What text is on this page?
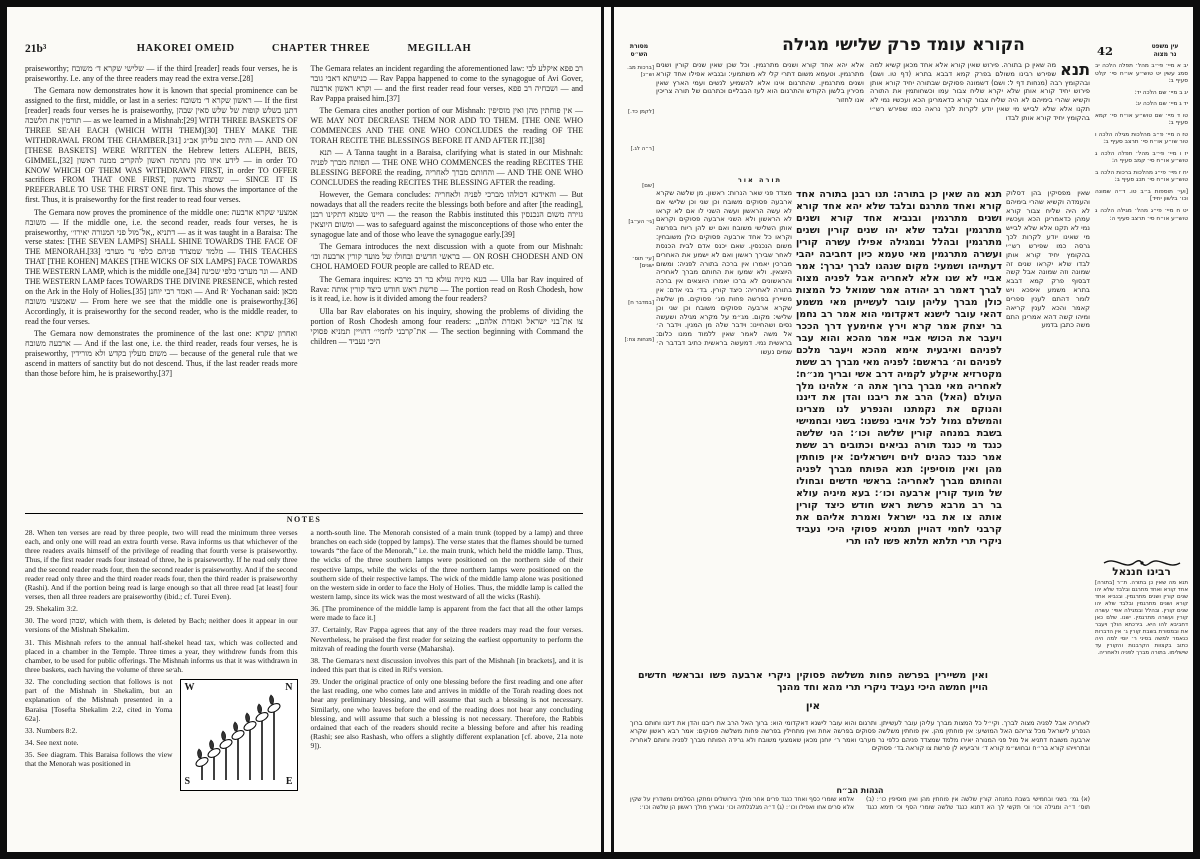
21b³	HAKOREI OMEID	CHAPTER THREE	MEGILLAH

praiseworthy; שלישי שקרא ד׳ משובח — if the third [reader] reads four verses, he is praiseworthy. I.e. any of the three readers may read the extra verse.[28]

The Gemara now demonstrates how it is known that special prominence can be assigned to the first, middle, or last in a series: ראשון שקרא ד׳ משובח — If the first [reader] reads four verses he is praiseworthy, דתנן בשלש קופות של שלש סאין שבהן תורמין את הלשכה — as we learned in a Mishnah:[29] WITH THREE BASKETS OF THREE SE׳AH EACH (WHICH WITH THEM)[30] THEY MAKE THE WITHDRAWAL FROM THE CHAMBER.[31] והיה כתוב עליהן אב״ג — AND ON [THESE BASKETS] WERE WRITTEN the Hebrew letters ALEPH, BEIS, GIMMEL,[32] לידע איזו מהן נתרמה ראשון להקריב ממנה ראשון — in order TO KNOW WHICH OF THEM WAS WITHDRAWN FIRST, in order TO OFFER sacrifices FROM THAT ONE FIRST, שמצוה בראשון — SINCE IT IS PREFERABLE TO USE THE FIRST ONE first. This shows the importance of the first. Thus, it is praiseworthy for the first reader to read four verses.

The Gemara now proves the prominence of the middle one: אמצעי שקרא ארבעה משובח — If the middle one, i.e. the second reader, reads four verses, he is praiseworthy, דתניא ,,אל־מול פני המנורה יאירו׳׳ — as it was taught in a Baraisa: The verse states: [THE SEVEN LAMPS] SHALL SHINE TOWARDS THE FACE OF THE MENORAH.[33] מלמד שמצדד פניהם כלפי נר מערבי — THIS TEACHES THAT [THE KOHEN] MAKES [THE WICKS OF SIX LAMPS] FACE TOWARDS THE WESTERN LAMP, which is the middle one,[34] ונר מערבי כלפי שכינה — AND THE WESTERN LAMP faces TOWARDS THE DIVINE PRESENCE, which rested on the Ark in the Holy of Holies.[35] ואמר רבי יוחנן — And R׳ Yochanan said: מכאן שאמצעי משובח — From here we see that the middle one is praiseworthy.[36] Accordingly, it is praiseworthy for the second reader, who is the middle reader, to read the four verses.

The Gemara now demonstrates the prominence of the last one: ואחרון שקרא ארבעה משובח — And if the last one, i.e. the third reader, reads four verses, he is praiseworthy, משום מעלין בקדש ולא מורידין — because of the general rule that we ascend in matters of sanctity but do not descend. Thus, if the last reader reads more than those before him, he is praiseworthy.[37]

The Gemara relates an incident regarding the aforementioned law: רב פפא איקלע לבי כנישתא דאבי גובר — Rav Pappa happened to come to the synagogue of Avi Gover, וקרא ראשון ארבעה — and the first reader read four verses, ושבחיה רב פפא — and Rav Pappa praised him.[37]

The Gemara cites another portion of our Mishnah: אין פוחתין מהן ואין מוסיפין — WE MAY NOT DECREASE THEM NOR ADD TO THEM. [THE ONE WHO COMMENCES AND THE ONE WHO CONCLUDES the reading OF THE TORAH RECITE THE BLESSINGS BEFORE IT AND AFTER IT.][38]

תנא — A Tanna taught in a Baraisa, clarifying what is stated in our Mishnah: הפותח מברך לפניה — THE ONE WHO COMMENCES the reading RECITES THE BLESSING BEFORE the reading, והחותם מברך לאחריה — AND THE ONE WHO CONCLUDES the reading RECITES THE BLESSING AFTER the reading.

However, the Gemara concludes: והאידנא דכולהו מברכי לפניה ולאחריה — But nowadays that all the readers recite the blessings both before and after [the reading], היינו טעמא דתקינו רבנן — the reason the Rabbis instituted this גזירה משום הנכנסין ומשום היוצאין — was to safeguard against the misconceptions of those who enter the synagogue late and of those who leave the synagogue early.[39]

The Gemara introduces the next discussion with a quote from our Mishnah: בראשי חדשים ובחולו של מועד קורין ארבעה וכו׳ — ON ROSH CHODESH AND ON CHOL HAMOED FOUR people are called to READ etc.

The Gemara inquires: בעא מיניה עולא בר רב מרבא — Ulla bar Rav inquired of Rava: פרשת ראש חודש כיצד קורין אותה — The portion read on Rosh Chodesh, how is it read, i.e. how is it divided among the four readers?

Ulla bar Rav elaborates on his inquiry, showing the problems of dividing the portion of Rosh Chodesh among four readers: ,,צו את־בני ישראל ואמרת אלהם את־קרבני לחמי׳׳ דהויין תמניא פסוקי — The section beginning with Command the children — היכי נעביד

NOTES

28. When ten verses are read by three people, two will read the minimum three verses each, and only one will read an extra fourth verse. Rava informs us that whichever of the three readers avails himself of the privilege of reading that fourth verse is praiseworthy. Thus, if the first reader reads four instead of three, he is praiseworthy. If he read only three and the second reader reads four, then the second reader is praiseworthy. And if the second reader read only three and the third reader reads four, then the third reader is praiseworthy (Rashi). And if the portion being read is large enough so that all three read [at least] four verses, then all three readers are praiseworthy (ibid.; cf. Turei Even).

29. Shekalim 3:2.

30. The word שבהן, which with them, is deleted by Bach; neither does it appear in our versions of the Mishnah Shekalim.

31. This Mishnah refers to the annual half-shekel head tax, which was collected and placed in a chamber in the Temple. Three times a year, they withdrew funds from this chamber, to be used for public offerings. The Mishnah informs us that it was withdrawn in three baskets, each having the volume of three se׳ah.

W	N
S	E

32. The concluding section that follows is not part of the Mishnah in Shekalim, but an explanation of the Mishnah presented in a Baraisa [Tosefta Shekalim 2:2, cited in Yoma 62a].

33. Numbers 8:2.

34. See next note.

35. See diagram. This Baraisa follows the view that the Menorah was positioned in

a north-south line. The Menorah consisted of a main trunk (topped by a lamp) and three branches on each side (topped by lamps). The verse states that the flames should be turned towards “the face of the Menorah,” i.e. the main trunk, which held the middle lamp. Thus, the wicks of the three southern lamps were positioned on the northern side of their respective lamps, while the wicks of the three northern lamps were positioned on the southern side of their respective lamps. The wick of the middle lamp alone was positioned on the western side in order to face the Holy of Holies. Thus, the middle lamp is called the western lamp, since its wick was the most westward of all the wicks (Rashi).

36. [The prominence of the middle lamp is apparent from the fact that all the other lamps were made to face it.]

37. Certainly, Rav Pappa agrees that any of the three readers may read the four verses. Nevertheless, he praised the first reader for seizing the earliest opportunity to perform the mitzvah of reading the fourth verse (Maharsha).

38. The Gemara׳s next discussion involves this part of the Mishnah [in brackets], and it is indeed this part that is cited in Rif׳s version.

39. Under the original practice of only one blessing before the first reading and one after the last reading, one who comes late and arrives in middle of the Torah reading does not hear any preliminary blessing, and will assume that such a blessing is not necessary. Similarly, one who leaves before the end of the reading does not hear any concluding blessing, and will assume that such a blessing is not necessary. Therefore, the Rabbis ordained that each of the readers should recite a blessing before and after his reading (Rashi; see also Rashash, who offers a slightly different explanation [cf. above, 21a note 9]).

מסורת
הש״ס	הקורא עומד פרק שלישי מגילה	42	עין משפט
נר מצוה
אלא יהא אחד קורא ושנים מתרגמין. וכל שכן שאין שנים קורין ושנים מתרגמין. וטעמא משום דתרי קלי לא משתמעי: ובנביא אפילו אחד קורא ושנים מתרגמין. שהתרגום אינו אלא להשמיע לנשים ועמי הארץ שאין מכירין בלשון הקודש והתרגום הוא לעז הבבליים וכתרגום של תורה צריכין אנו לחזור
תורה אור
תנא
מה שאין כן בתורה. פירוש שאין קורא אלא אחד מכאן קשיא למה שפירש רבינו משולם בפרק קמא דבבא בתרא (דף טו. ושם) ובהקומץ רבה (מנחות דף ל: ושם) דשמונה פסוקים שבתורה יחיד קורא אותן פירוש יחיד קורא אותן שלא יקרא שליח צבור עמו וכשחותמין את התורה וקשיא שהרי בימיהם לא היה שליח צבור קורא כדאמרינן הכא ועכשיו נמי לא תקנו אלא שלא לבייש מי שאין יודע לקרות לכך נראה כמו שפירש רש״י בהקומץ יחיד קורא אותן לבדו
[ברכות מב. וש״נ]
[לקמן כד.]
[ר״ה לג.]
[שם]
[גי׳ הע״ב]
[עי׳ תוס׳ ישנים]
[במדבר ח]
[מנחות צח:]
מצדד פני שאר הנרות: ראשון. מן שלשה שקרא ארבעה פסוקים משובח וכן שני וכן שלישי אם לא עשה הראשון ועשה השני לו אם לא קראו לא הראשון ולא השני ארבעה פסוקים וקראם אותן השלישי משובח ואם יש להן ריוח בפרשה וקראו כל אחד ארבעה פסוקים כולן משובחין: משום הנכנסין. שאם יכנס אדם לבית הכנסת לאחר שבירך ראשון ואם לא ישמע את האחרים מברכין יאמרו אין ברכה בתורה לפניה: ומשום היוצאין. ולא שמעו את החותם מברך לאחריה והראשונים לא ברכו יאמרו היוצאים אין ברכה בתורה לאחריה: כיצד קורין. בד׳ בני אדם: אין משיירין בפרשה פחות מג׳ פסוקים. מן שלשה שקרא ארבעה פסוקים משובח וכן שני וכן שלישי: מקום. מג״מ על מקרא מגילה ושעשה נסים ושהחיינו: וידבר שלה מן המנין. וידבר ה׳ אל משה לאמר שאין ללמוד ממנו כלום: בראשית נמי. דמעשה בראשית כתיב דבדבר ה׳ שמים נעשו
תנא מה שאין כן בתורה: תנו רבנן בתורה אחד קורא ואחד מתרגם ובלבד שלא יהא אחד קורא ושנים מתרגמין ובנביא אחד קורא ושנים מתרגמין ובלבד שלא יהו שנים קורין ושנים מתרגמין ובהלל ובמגילה אפילו עשרה קורין ועשרה מתרגמין מאי טעמא כיון דחביבה יהבי דעתייהו ושמעי: מקום שנהגו לברך יברך: אמר אביי לא שנו אלא לאחריה אבל לפניה מצוה לברך דאמר רב יהודה אמר שמואל כל המצות כולן מברך עליהן עובר לעשייתן מאי משמע דהאי עובר לישנא דאקדומי הוא אמר רב נחמן בר יצחק אמר קרא וירץ אחימעץ דרך הככר ויעבר את הכושי אביי אמר מהכא והוא עבר לפניהם ואיבעית אימא מהכא ויעבר מלכם לפניהם וה׳ בראשם: לפניה מאי מברך רב ששת מקטרזיא איקלע לקמיה דרב אשי ובריך מנ״ח: לאחריה מאי מברך ברוך אתה ה׳ אלהינו מלך העולם (האל) הרב את ריבנו והדן את דיננו והנוקם את נקמתנו והנפרע לנו מצרינו והמשלם גמול לכל אויבי נפשנו: בשני ובחמישי בשבת במנחה קורין שלשה וכו׳: הני שלשה כנגד מי כנגד תורה נביאים וכתובים רב ששת אמר כנגד כהנים לוים וישראלים: אין פוחתין מהן ואין מוסיפין: תנא הפותח מברך לפניה והחותם מברך לאחריה: בראשי חדשים ובחולו של מועד קורין ארבעה וכו׳: בעא מיניה עולא בר רב מרבא פרשת ראש חודש כיצד קורין אותה צו את בני ישראל ואמרת אליהם את קרבני לחמי דהויין תמניא פסוקי היכי נעביד ניקרי תרי תלתא תלתא פשו להו תרי
שאין מפסיקין בהן דסלוק והעמדה וקשיא שהרי בימיהם לא היה שליח צבור קורא עמהן כדאמרינן הכא ועכשיו נמי לא תקנו אלא שלא לבייש מי שאינו יודע לקרות לכך גרסה כמו שפירש רש״י בהקומץ יחיד קורא אותן לבדו שלא יקראו שנים זה שמונה וזה שמונה אבל קשה דבסוף פרק קמא דבבא בתרא משמע איפכא ויש לומר דהתם לענין ספרים קאמר והכא לענין קריאה ומיהו קשה דהא אמרינן התם משה כתבן בדמע
יב א מיי׳ פי״ב מהל׳ תפלה הלכה יב סמג עשין יט טוש״ע או״ח סי׳ קלט סעיף ב:
יג ב מיי׳ שם הלכה יד:
יד ג מיי׳ שם הלכה יג:
טו ד מיי׳ שם טוש״ע או״ח סי׳ קמא סעיף ב:
טז ה מיי׳ פ״ב מהלכות מגילה הלכה ו טור שו״ע או״ח סי׳ תרצב סעיף ב:
יז ו מיי׳ פי״ב מהל׳ תפלה הלכה ג טוש״ע או״ח סי׳ קמב סעיף ה:
יח ז מיי׳ פי״ג מהלכות ברכות הלכה ב טוש״ע או״ח סי׳ תכג סעיף ב:
[ועי׳ תוספות ב״ב טו. ד״ה שמונה וכו׳ בלשון יחיד]
יט ח מיי׳ פי״ג מהל׳ מגילה הלכה ג טוש״ע או״ח סי׳ תרצב סעיף ה:
רבינו חננאל
תנא מה שאין כן בתורה. ת״ר [בתורה] אחד קורא ואחד מתרגם ובלבד שלא יהו שנים קורין ושנים מתרגמין. ובנביא אחד קורא ושנים מתרגמין ובלבד שלא יהו שנים קורין. ובהלל ובמגילה אפי׳ עשרה קורין ועשרה מתרגמין. ישנו. שלם כאן דחביבא להו היא. בירכתא הולך ויעבר את ובמסורת בשבת קורין ג׳ אין הדברות כנאמר למשה בסיני ר׳ יוסי למה היה כתוב בקצוות הקרבנות והקורין עד שישלימו. בתורה מברך לפניה ולאחריה.
ואין משיירין בפרשה פחות משלשה פסוקין ניקרי ארבעה פשו ובראשי חדשים הויין חמשה היכי נעביד ניקרי תרי מהא וחד מהנך
אין
לאחריה אבל לפניה מצוה לברך. וקי״ל כל המצות מברך עליהן עובר לעשייתן. ותרגום והוא עובר לישנא דאקדומי הוא: ברוך האל הרב את ריבנו והדן את דיננו וחותם ברוך הנפרע לישראל מכל צריהם האל המושיע: אין פוחתין מהן. אין פוחתין משלשה פסוקים בפרשה אחת ואין מתחילין בפרשה פחות משלשה פסוקים: אמר רבא ראשון שקרא ארבעה משובח דתניא אל מול פני המנורה יאירו מלמד שמצדד פניהם כלפי נר מערבי ואמר ר׳ יוחנן מכאן שאמצעי משובח ולא גרידה הפותח מברך לפניה וחותם לאחריה ובתרוייהו קורא בר״ח ובחוש״מ קורא ד׳ ורביעיא לן פרשת צו קוראה בד׳ פסוקים
הגהות הב״ח
(א) גמ׳ בשני ובחמישי בשבת במנחה קורין שלשה אין פוחתין מהן ואין מוסיפין כו׳: (ב) תוס׳ ד״ה ומגילה וכו׳ וכי תקשי לך הא דתנא כנגד שלשה שומרי הסף וכי תימא כנגד אלמא שומרי כסף ואחד כנגד פרים אחר מולך בירושלים ומתקן הסלמים ומשדרין על שקין אלא סרים אחו ואפילו וכו׳: (ג) ד״ה מגלגלתיה וכו׳ ובארץ מולך ראשון הן שלשה וכו׳:
